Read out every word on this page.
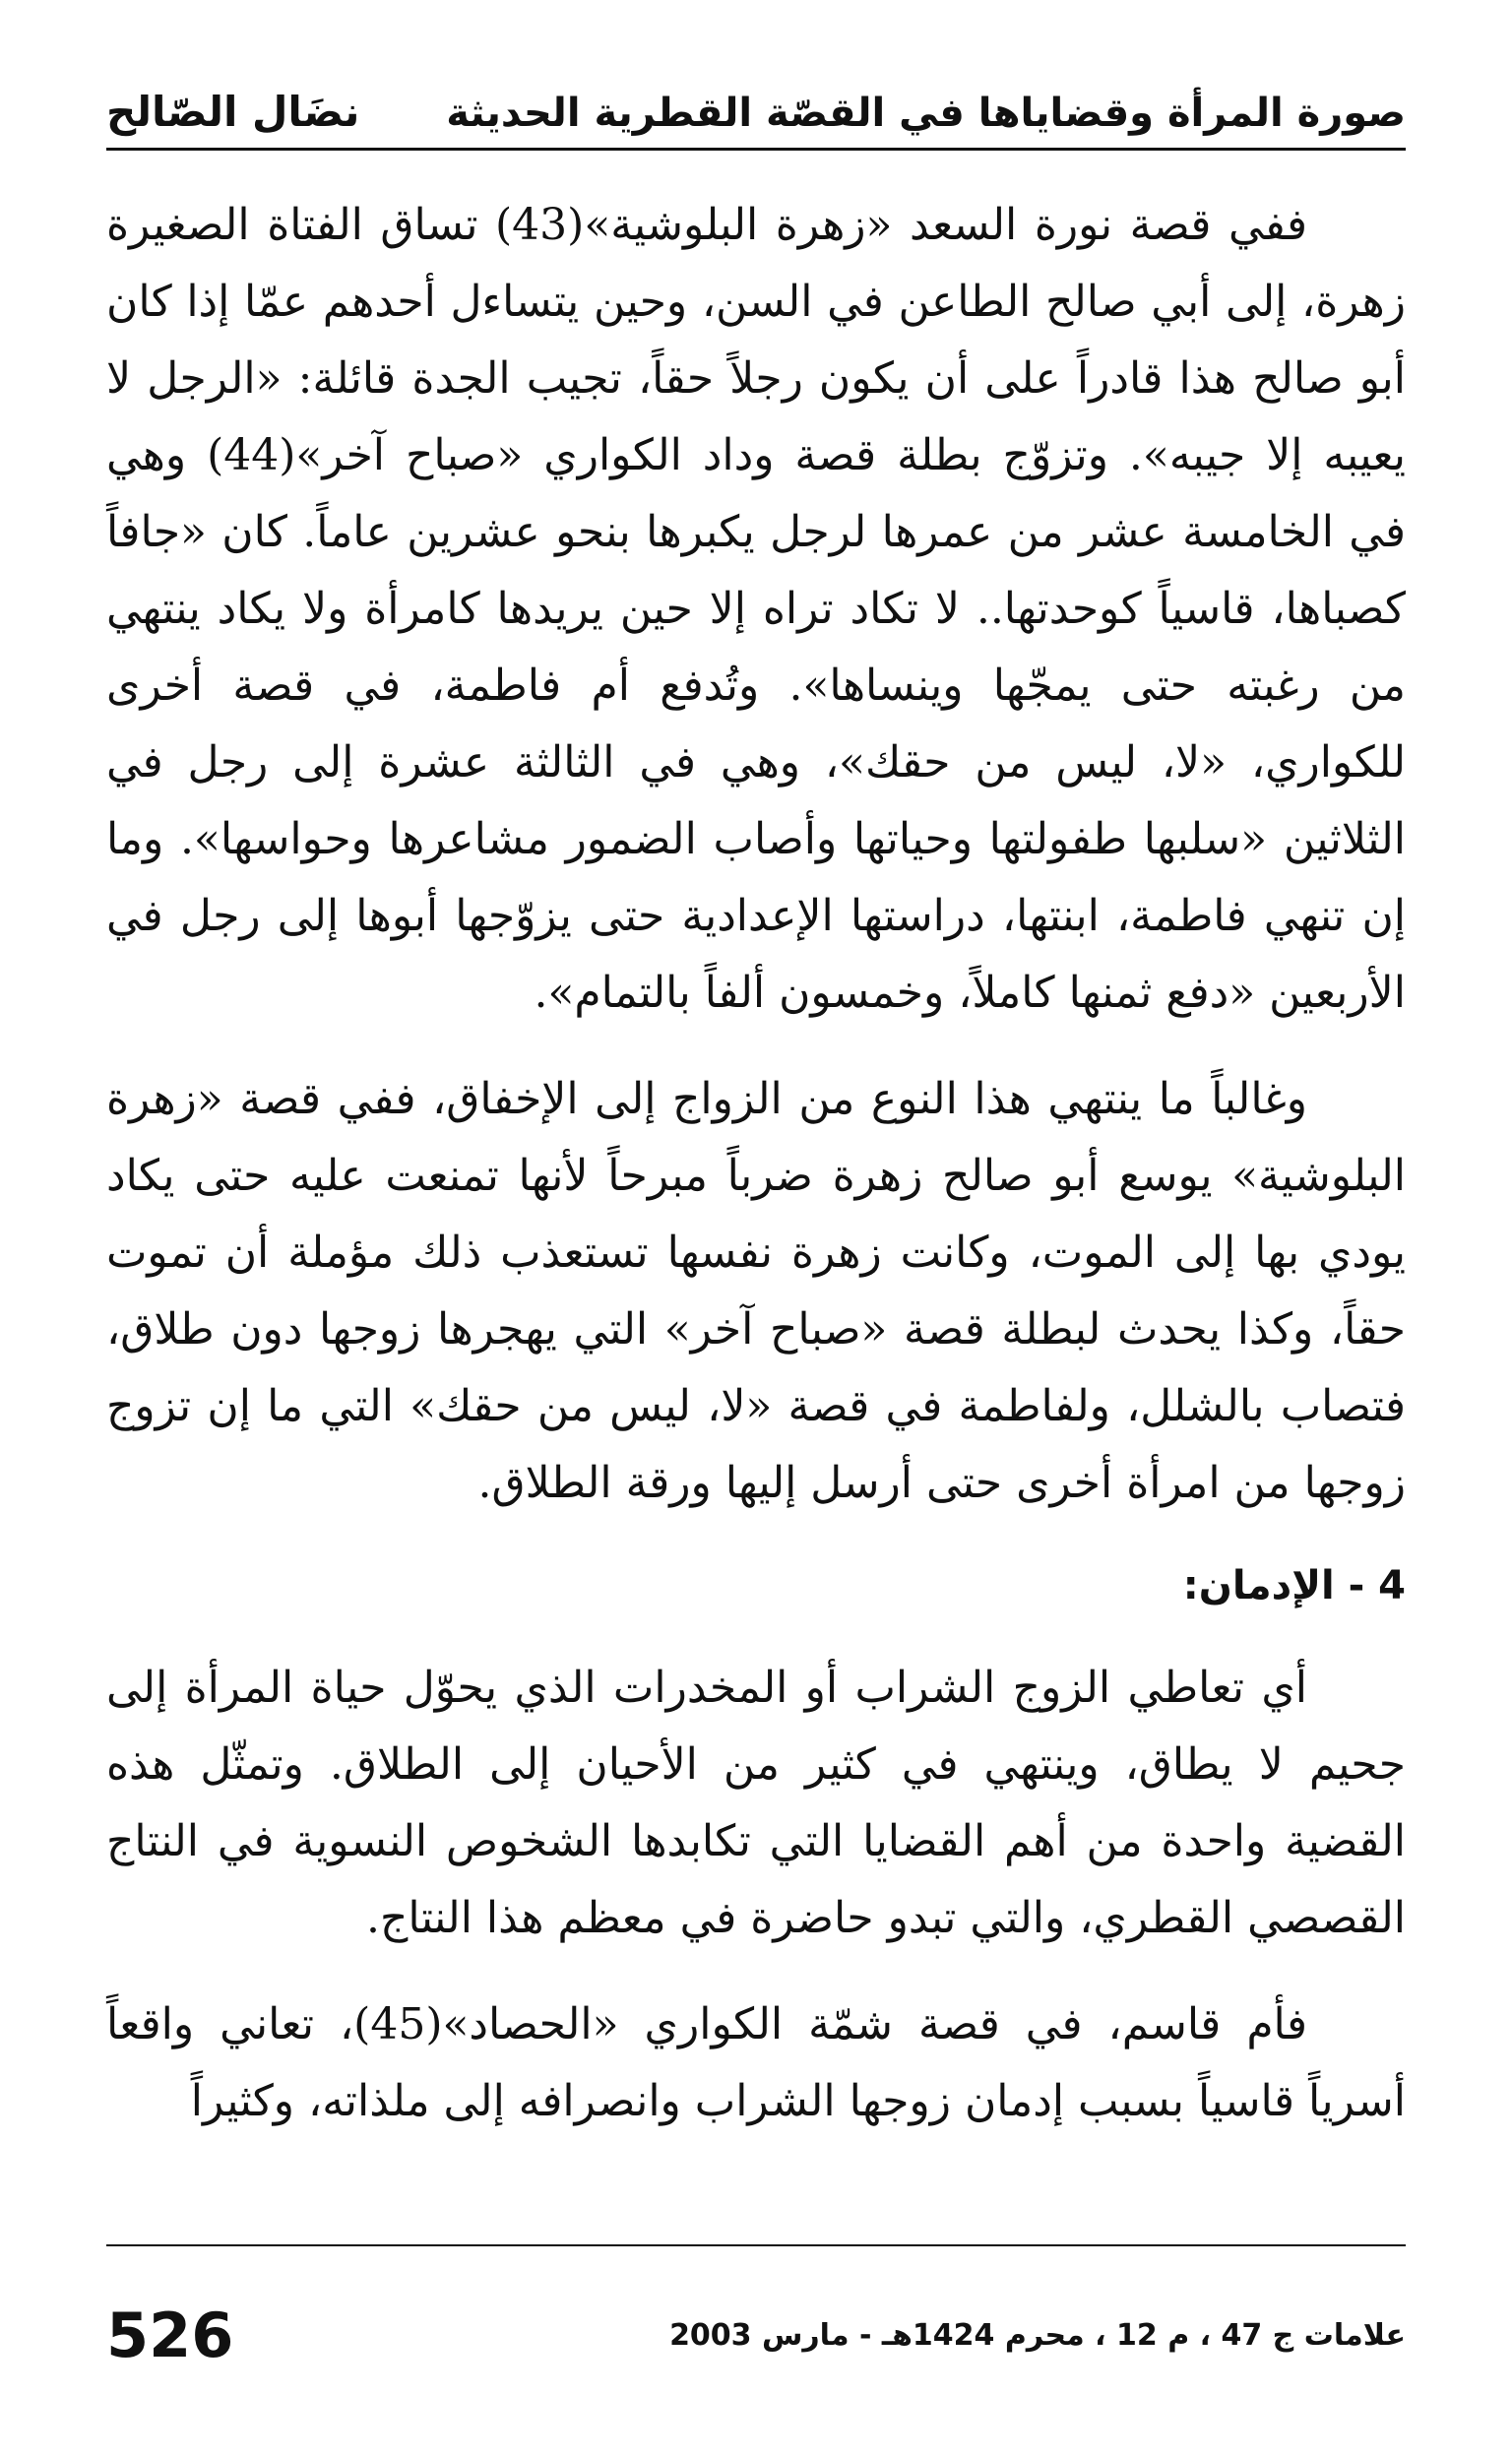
صورة المرأة وقضاياها في القصّة القطرية الحديثة
نضَال الصّالح

ففي قصة نورة السعد «زهرة البلوشية»(43) تساق الفتاة الصغيرة زهرة، إلى أبي صالح الطاعن في السن، وحين يتساءل أحدهم عمّا إذا كان أبو صالح هذا قادراً على أن يكون رجلاً حقاً، تجيب الجدة قائلة: «الرجل لا يعيبه إلا جيبه». وتزوّج بطلة قصة وداد الكواري «صباح آخر»(44) وهي في الخامسة عشر من عمرها لرجل يكبرها بنحو عشرين عاماً. كان «جافاً كصباها، قاسياً كوحدتها.. لا تكاد تراه إلا حين يريدها كامرأة ولا يكاد ينتهي من رغبته حتى يمجّها وينساها». وتُدفع أم فاطمة، في قصة أخرى للكواري، «لا، ليس من حقك»، وهي في الثالثة عشرة إلى رجل في الثلاثين «سلبها طفولتها وحياتها وأصاب الضمور مشاعرها وحواسها». وما إن تنهي فاطمة، ابنتها، دراستها الإعدادية حتى يزوّجها أبوها إلى رجل في الأربعين «دفع ثمنها كاملاً، وخمسون ألفاً بالتمام».

وغالباً ما ينتهي هذا النوع من الزواج إلى الإخفاق، ففي قصة «زهرة البلوشية» يوسع أبو صالح زهرة ضرباً مبرحاً لأنها تمنعت عليه حتى يكاد يودي بها إلى الموت، وكانت زهرة نفسها تستعذب ذلك مؤملة أن تموت حقاً، وكذا يحدث لبطلة قصة «صباح آخر» التي يهجرها زوجها دون طلاق، فتصاب بالشلل، ولفاطمة في قصة «لا، ليس من حقك» التي ما إن تزوج زوجها من امرأة أخرى حتى أرسل إليها ورقة الطلاق.

4 - الإدمان:

أي تعاطي الزوج الشراب أو المخدرات الذي يحوّل حياة المرأة إلى جحيم لا يطاق، وينتهي في كثير من الأحيان إلى الطلاق. وتمثّل هذه القضية واحدة من أهم القضايا التي تكابدها الشخوص النسوية في النتاج القصصي القطري، والتي تبدو حاضرة في معظم هذا النتاج.

فأم قاسم، في قصة شمّة الكواري «الحصاد»(45)، تعاني واقعاً أسرياً قاسياً بسبب إدمان زوجها الشراب وانصرافه إلى ملذاته، وكثيراً

علامات ج 47 ، م 12 ، محرم 1424هـ - مارس 2003
526
